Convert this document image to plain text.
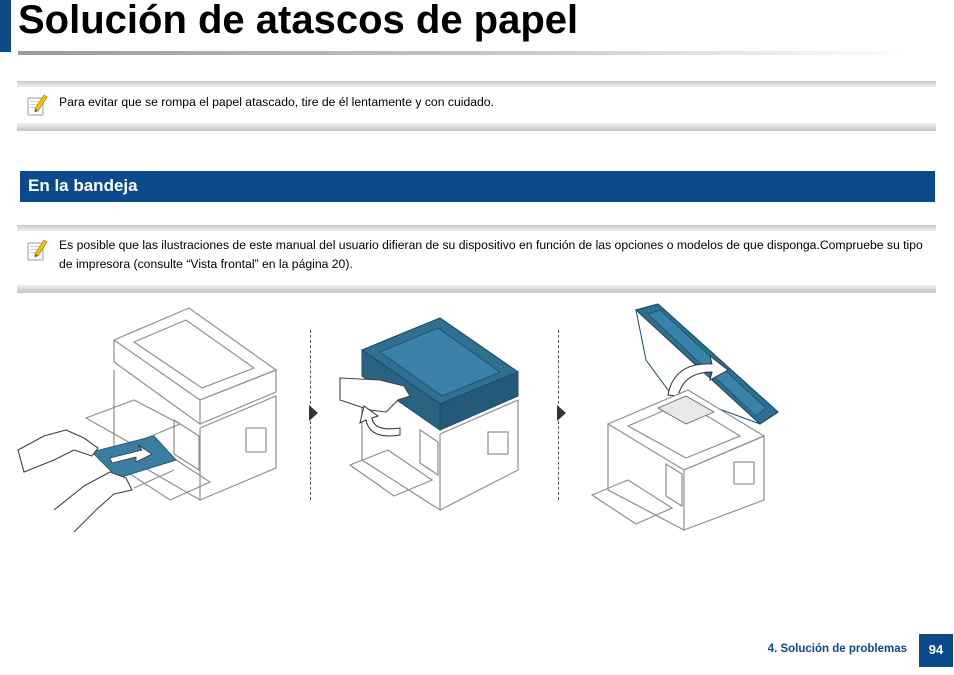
Solución de atascos de papel
Para evitar que se rompa el papel atascado, tire de él lentamente y con cuidado.
En la bandeja
Es posible que las ilustraciones de este manual del usuario difieran de su dispositivo en función de las opciones o modelos de que disponga.Compruebe su tipo de impresora (consulte “Vista frontal” en la página 20).
4. Solución de problemas	94
